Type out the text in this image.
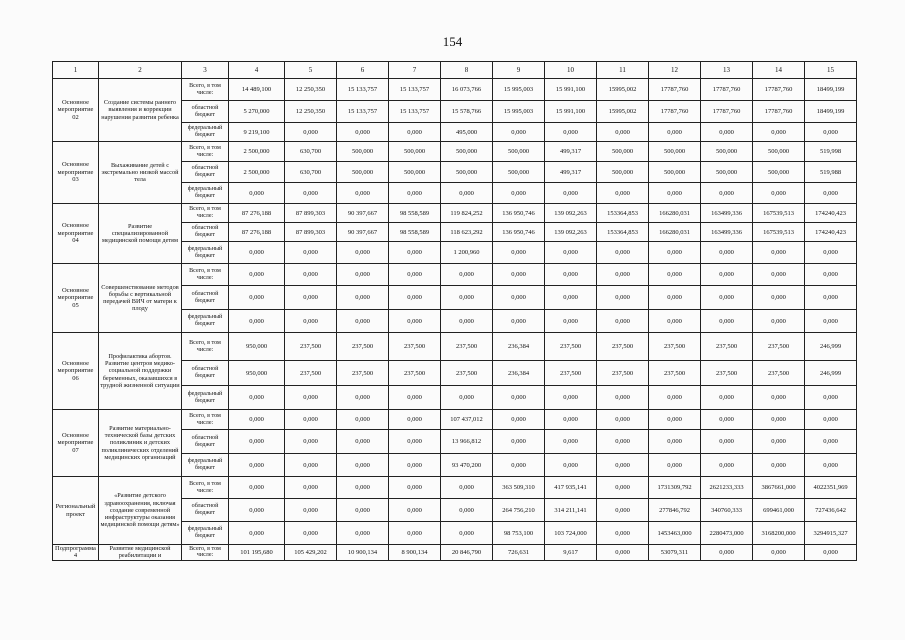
154
1	2	3	4	5	6	7	8	9	10	11	12	13	14	15
Основное мероприятие 02	Создание системы раннего выявления и коррекции нарушения развития ребенка	Всего, в том числе:	14 489,100	12 250,350	15 133,757	15 133,757	16 073,766	15 995,003	15 991,100	15995,002	17787,760	17787,760	17787,760	18499,199
		областной бюджет	5 270,000	12 250,350	15 133,757	15 133,757	15 578,766	15 995,003	15 991,100	15995,002	17787,760	17787,760	17787,760	18499,199
		федеральный бюджет	9 219,100	0,000	0,000	0,000	495,000	0,000	0,000	0,000	0,000	0,000	0,000	0,000
Основное мероприятие 03	Выхаживание детей с экстремально низкой массой тела	Всего, в том числе:	2 500,000	630,700	500,000	500,000	500,000	500,000	499,317	500,000	500,000	500,000	500,000	519,998
		областной бюджет	2 500,000	630,700	500,000	500,000	500,000	500,000	499,317	500,000	500,000	500,000	500,000	519,988
		федеральный бюджет	0,000	0,000	0,000	0,000	0,000	0,000	0,000	0,000	0,000	0,000	0,000	0,000
Основное мероприятие 04	Развитие специализированной медицинской помощи детям	Всего, в том числе:	87 276,188	87 899,303	90 397,667	98 558,589	119 824,252	136 950,746	139 092,263	153364,853	166280,031	163499,336	167539,513	174240,423
		областной бюджет	87 276,188	87 899,303	90 397,667	98 558,589	118 623,292	136 950,746	139 092,263	153364,853	166280,031	163499,336	167539,513	174240,423
		федеральный бюджет	0,000	0,000	0,000	0,000	1 200,960	0,000	0,000	0,000	0,000	0,000	0,000	0,000
Основное мероприятие 05	Совершенствование методов борьбы с вертикальной передачей ВИЧ от матери к плоду	Всего, в том числе:	0,000	0,000	0,000	0,000	0,000	0,000	0,000	0,000	0,000	0,000	0,000	0,000
		областной бюджет	0,000	0,000	0,000	0,000	0,000	0,000	0,000	0,000	0,000	0,000	0,000	0,000
		федеральный бюджет	0,000	0,000	0,000	0,000	0,000	0,000	0,000	0,000	0,000	0,000	0,000	0,000
Основное мероприятие 06	Профилактика абортов. Развитие центров медико-социальной поддержки беременных, оказавшихся в трудной жизненной ситуации	Всего, в том числе:	950,000	237,500	237,500	237,500	237,500	236,384	237,500	237,500	237,500	237,500	237,500	246,999
		областной бюджет	950,000	237,500	237,500	237,500	237,500	236,384	237,500	237,500	237,500	237,500	237,500	246,999
		федеральный бюджет	0,000	0,000	0,000	0,000	0,000	0,000	0,000	0,000	0,000	0,000	0,000	0,000
Основное мероприятие 07	Развитие материально-технической базы детских поликлиник и детских поликлинических отделений медицинских организаций	Всего, в том числе:	0,000	0,000	0,000	0,000	107 437,012	0,000	0,000	0,000	0,000	0,000	0,000	0,000
		областной бюджет	0,000	0,000	0,000	0,000	13 966,812	0,000	0,000	0,000	0,000	0,000	0,000	0,000
		федеральный бюджет	0,000	0,000	0,000	0,000	93 470,200	0,000	0,000	0,000	0,000	0,000	0,000	0,000
Региональный проект	«Развитие детского здравоохранения, включая создание современной инфраструктуры оказания медицинской помощи детям»	Всего, в том числе:	0,000	0,000	0,000	0,000	0,000	363 509,310	417 935,141	0,000	1731309,792	2621233,333	3867661,000	4022351,969
		областной бюджет	0,000	0,000	0,000	0,000	0,000	264 756,210	314 211,141	0,000	277846,792	340760,333	699461,000	727436,642
		федеральный бюджет	0,000	0,000	0,000	0,000	0,000	98 753,100	103 724,000	0,000	1453463,000	2280473,000	3168200,000	3294915,327
Подпрограмма 4	Развитие медицинской реабилитации и	Всего, в том числе:	101 195,680	105 429,202	10 900,134	8 900,134	20 846,790	726,631	9,617	0,000	53079,311	0,000	0,000	0,000
